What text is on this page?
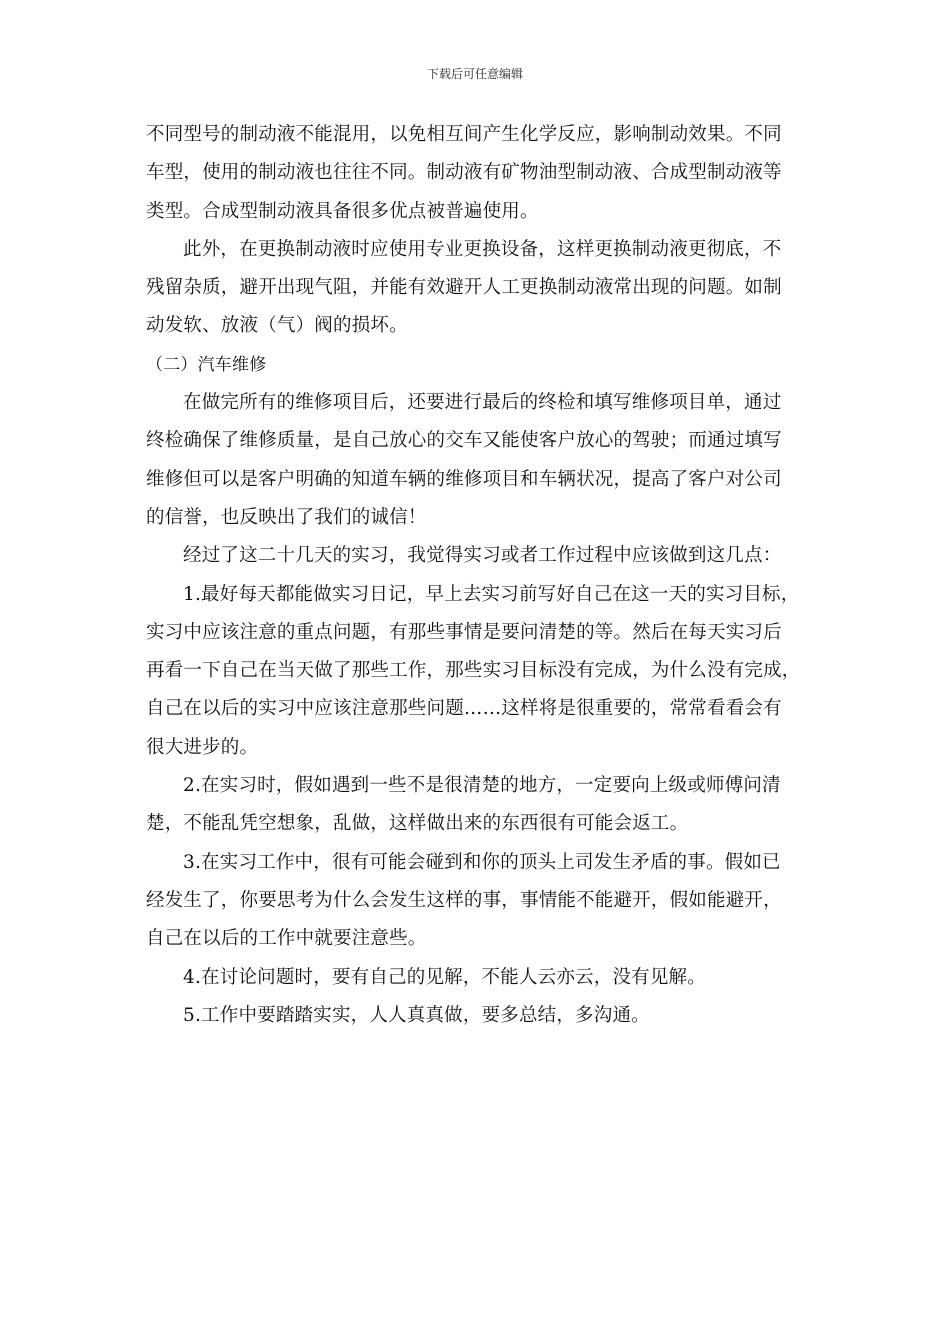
下载后可任意编辑
不同型号的制动液不能混用，以免相互间产生化学反应，影响制动效果。不同
车型，使用的制动液也往往不同。制动液有矿物油型制动液、合成型制动液等
类型。合成型制动液具备很多优点被普遍使用。
此外，在更换制动液时应使用专业更换设备，这样更换制动液更彻底，不
残留杂质，避开出现气阻，并能有效避开人工更换制动液常出现的问题。如制
动发软、放液（气）阀的损坏。
（二）汽车维修
在做完所有的维修项目后，还要进行最后的终检和填写维修项目单，通过
终检确保了维修质量，是自己放心的交车又能使客户放心的驾驶；而通过填写
维修但可以是客户明确的知道车辆的维修项目和车辆状况，提高了客户对公司
的信誉，也反映出了我们的诚信！
经过了这二十几天的实习，我觉得实习或者工作过程中应该做到这几点：
1.最好每天都能做实习日记，早上去实习前写好自己在这一天的实习目标，
实习中应该注意的重点问题，有那些事情是要问清楚的等。然后在每天实习后
再看一下自己在当天做了那些工作，那些实习目标没有完成，为什么没有完成，
自己在以后的实习中应该注意那些问题……这样将是很重要的，常常看看会有
很大进步的。
2.在实习时，假如遇到一些不是很清楚的地方，一定要向上级或师傅问清
楚，不能乱凭空想象，乱做，这样做出来的东西很有可能会返工。
3.在实习工作中，很有可能会碰到和你的顶头上司发生矛盾的事。假如已
经发生了，你要思考为什么会发生这样的事，事情能不能避开，假如能避开，
自己在以后的工作中就要注意些。
4.在讨论问题时，要有自己的见解，不能人云亦云，没有见解。
5.工作中要踏踏实实，人人真真做，要多总结，多沟通。
